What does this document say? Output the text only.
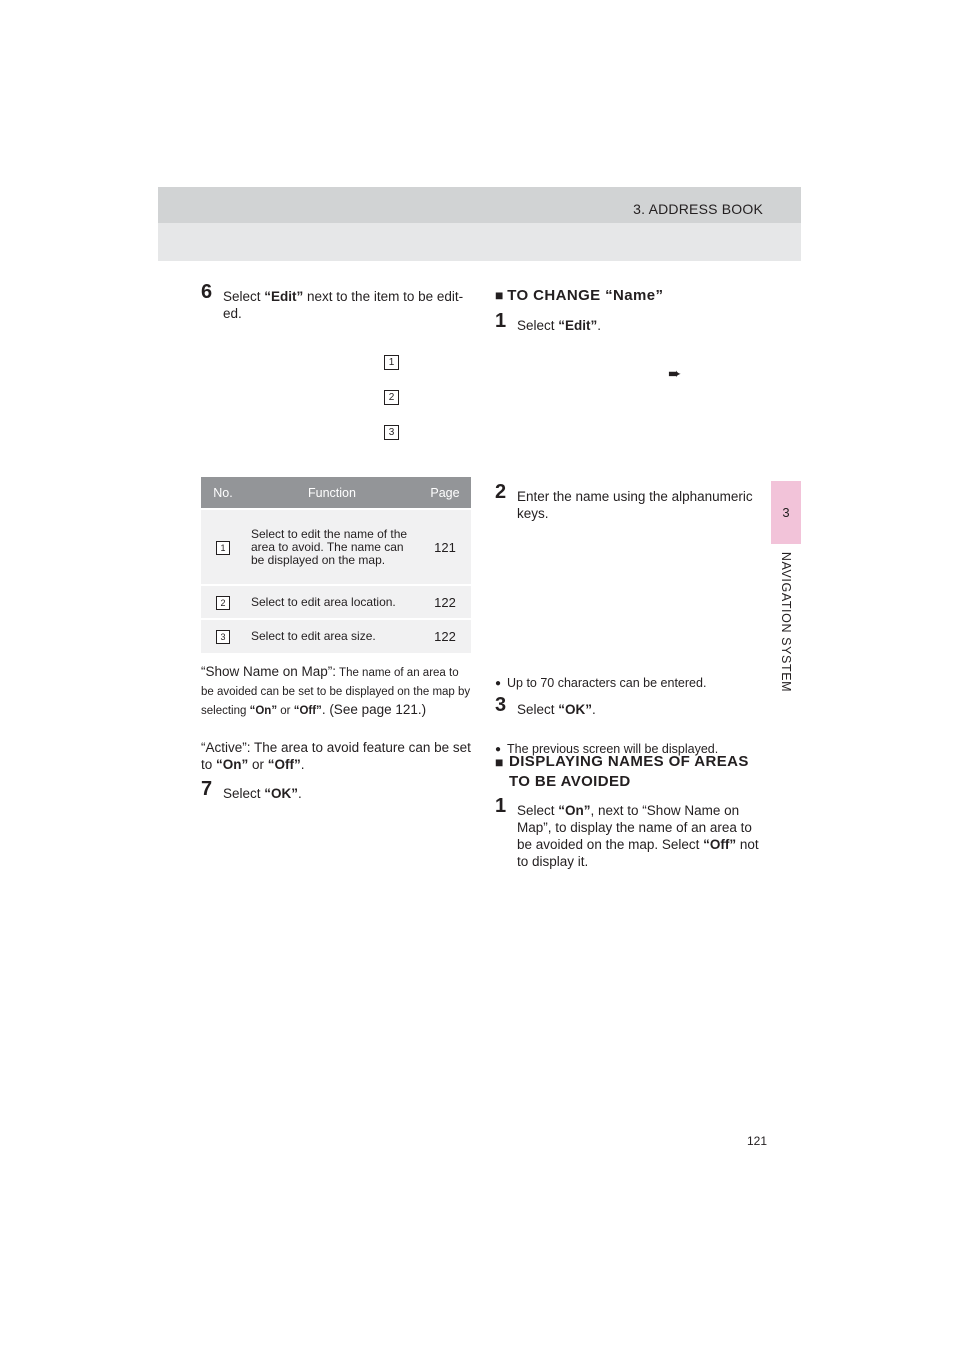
3. ADDRESS BOOK
3
NAVIGATION SYSTEM
6 Select “Edit” next to the item to be edit-ed.
1
2
3
No.	Function	Page
1	Select to edit the name of the area to avoid. The name can be displayed on the map.	121
2	Select to edit area location.	122
3	Select to edit area size.	122
“Show Name on Map”: The name of an area to be avoided can be set to be displayed on the map by selecting “On” or “Off”. (See page 121.)
“Active”: The area to avoid feature can be set to “On” or “Off”.
7 Select “OK”.
■ TO CHANGE “Name”
1 Select “Edit”.
➨
2 Enter the name using the alphanumeric keys.
● Up to 70 characters can be entered.
3 Select “OK”.
● The previous screen will be displayed.
■ DISPLAYING NAMES OF AREAS TO BE AVOIDED
1 Select “On”, next to “Show Name on Map”, to display the name of an area to be avoided on the map. Select “Off” not to display it.
121
